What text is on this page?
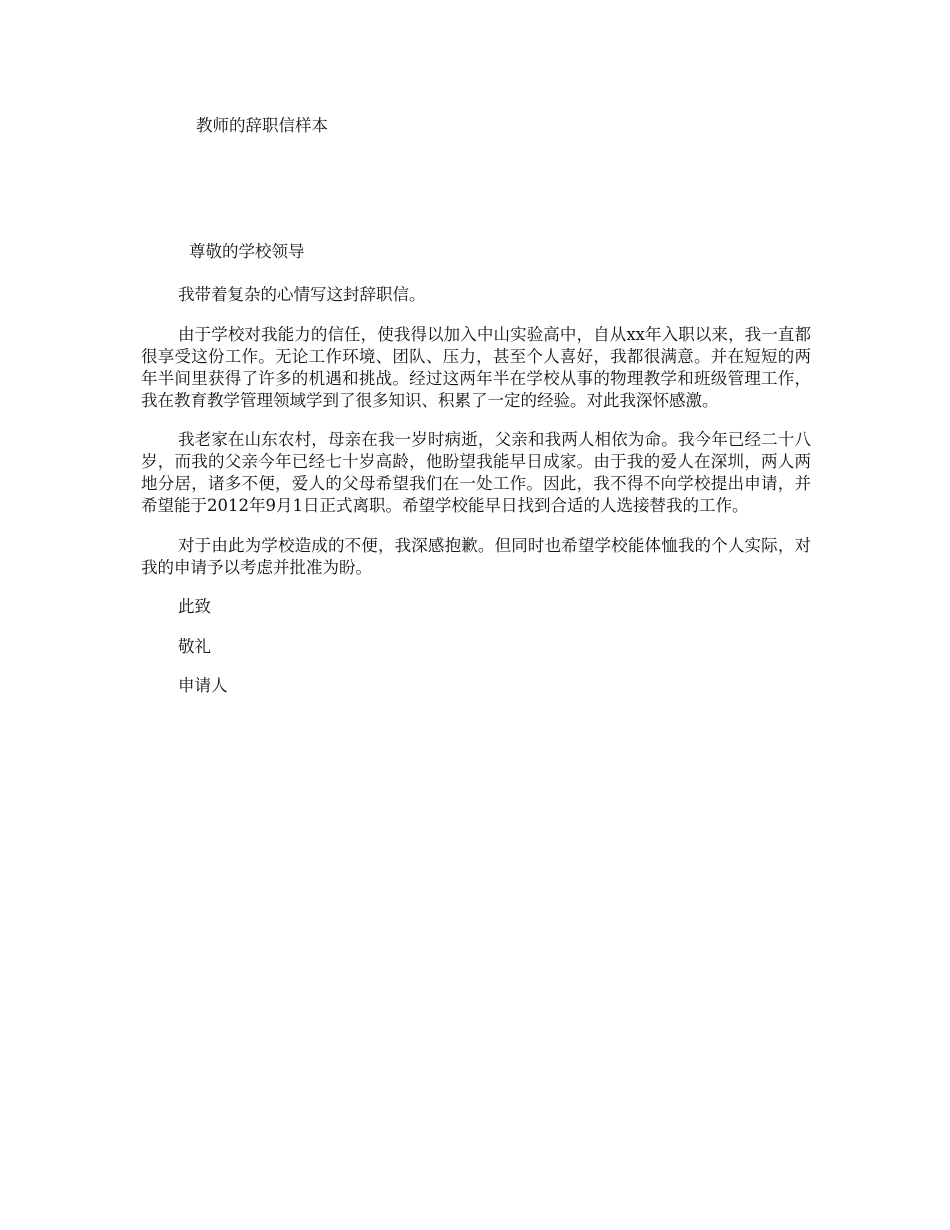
教师的辞职信样本
尊敬的学校领导

我带着复杂的心情写这封辞职信。

由于学校对我能力的信任，使我得以加入中山实验高中，自从xx年入职以来，我一直都很享受这份工作。无论工作环境、团队、压力，甚至个人喜好，我都很满意。并在短短的两年半间里获得了许多的机遇和挑战。经过这两年半在学校从事的物理教学和班级管理工作，我在教育教学管理领域学到了很多知识、积累了一定的经验。对此我深怀感激。

我老家在山东农村，母亲在我一岁时病逝，父亲和我两人相依为命。我今年已经二十八岁，而我的父亲今年已经七十岁高龄，他盼望我能早日成家。由于我的爱人在深圳，两人两地分居，诸多不便，爱人的父母希望我们在一处工作。因此，我不得不向学校提出申请，并希望能于2012年9月1日正式离职。希望学校能早日找到合适的人选接替我的工作。

对于由此为学校造成的不便，我深感抱歉。但同时也希望学校能体恤我的个人实际，对我的申请予以考虑并批准为盼。

此致

敬礼

申请人
